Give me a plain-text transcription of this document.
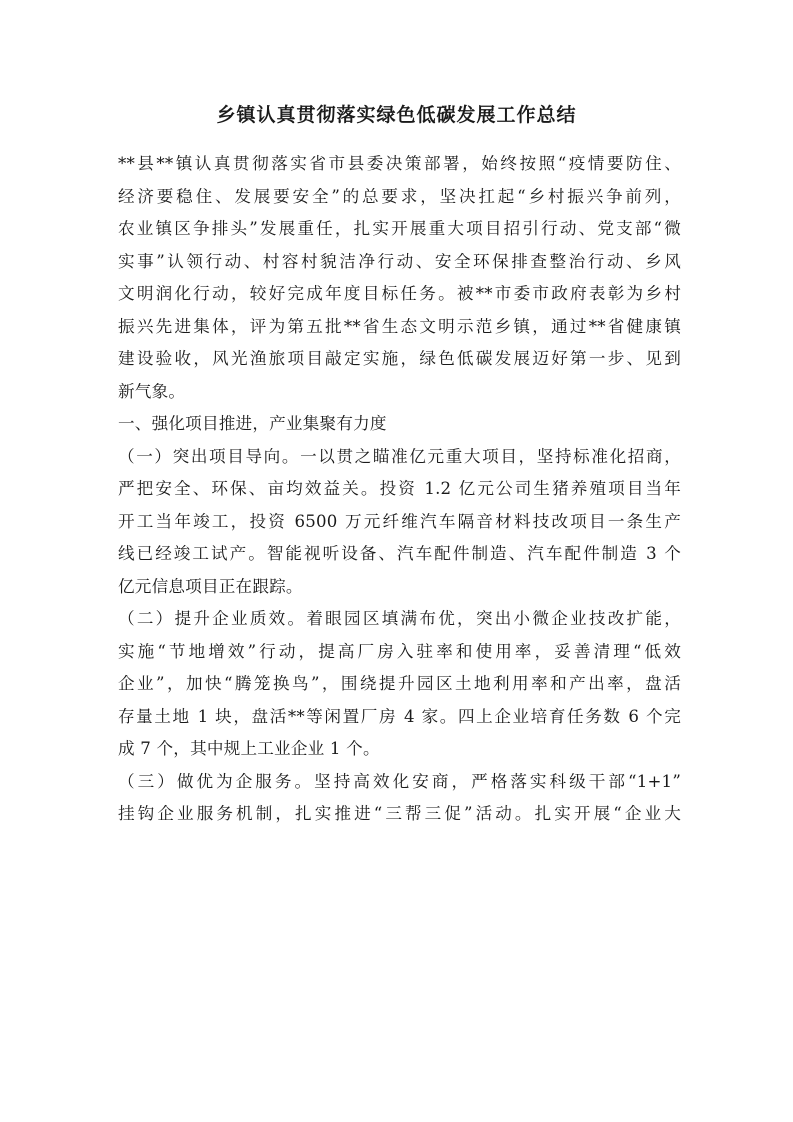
乡镇认真贯彻落实绿色低碳发展工作总结
**县**镇认真贯彻落实省市县委决策部署，始终按照“疫情要防住、
经济要稳住、发展要安全”的总要求，坚决扛起“乡村振兴争前列，
农业镇区争排头”发展重任，扎实开展重大项目招引行动、党支部“微
实事”认领行动、村容村貌洁净行动、安全环保排查整治行动、乡风
文明润化行动，较好完成年度目标任务。被**市委市政府表彰为乡村
振兴先进集体，评为第五批**省生态文明示范乡镇，通过**省健康镇
建设验收，风光渔旅项目敲定实施，绿色低碳发展迈好第一步、见到
新气象。
一、强化项目推进，产业集聚有力度
（一）突出项目导向。一以贯之瞄准亿元重大项目，坚持标准化招商，
严把安全、环保、亩均效益关。投资 1.2 亿元公司生猪养殖项目当年
开工当年竣工，投资 6500 万元纤维汽车隔音材料技改项目一条生产
线已经竣工试产。智能视听设备、汽车配件制造、汽车配件制造 3 个
亿元信息项目正在跟踪。
（二）提升企业质效。着眼园区填满布优，突出小微企业技改扩能，
实施“节地增效”行动，提高厂房入驻率和使用率，妥善清理“低效
企业”，加快“腾笼换鸟”，围绕提升园区土地利用率和产出率，盘活
存量土地 1 块，盘活**等闲置厂房 4 家。四上企业培育任务数 6 个完
成 7 个，其中规上工业企业 1 个。
（三）做优为企服务。坚持高效化安商，严格落实科级干部“1+1”
挂钩企业服务机制，扎实推进“三帮三促”活动。扎实开展“企业大
